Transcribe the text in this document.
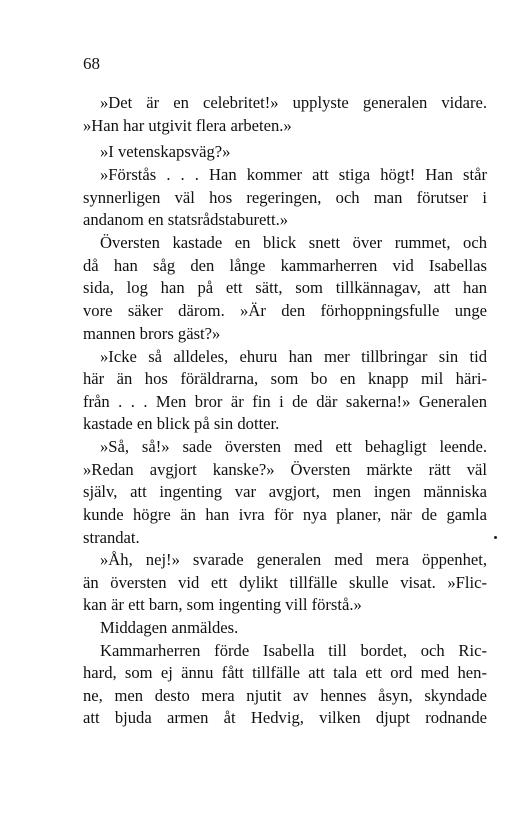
68
»Det är en celebritet!» upplyste generalen vidare.
»Han har utgivit flera arbeten.»
»I vetenskapsväg?»
»Förstås . . . Han kommer att stiga högt! Han står
synnerligen väl hos regeringen, och man förutser i
andanom en statsrådstaburett.»
Översten kastade en blick snett över rummet, och
då han såg den långe kammarherren vid Isabellas
sida, log han på ett sätt, som tillkännagav, att han
vore säker därom. »Är den förhoppningsfulle unge
mannen brors gäst?»
»Icke så alldeles, ehuru han mer tillbringar sin tid
här än hos föräldrarna, som bo en knapp mil häri-
från . . . Men bror är fin i de där sakerna!» Generalen
kastade en blick på sin dotter.
»Så, så!» sade översten med ett behagligt leende.
»Redan avgjort kanske?» Översten märkte rätt väl
själv, att ingenting var avgjort, men ingen människa
kunde högre än han ivra för nya planer, när de gamla
strandat.
»Åh, nej!» svarade generalen med mera öppenhet,
än översten vid ett dylikt tillfälle skulle visat. »Flic-
kan är ett barn, som ingenting vill förstå.»
Middagen anmäldes.
Kammarherren förde Isabella till bordet, och Ric-
hard, som ej ännu fått tillfälle att tala ett ord med hen-
ne, men desto mera njutit av hennes åsyn, skyndade
att bjuda armen åt Hedvig, vilken djupt rodnande
